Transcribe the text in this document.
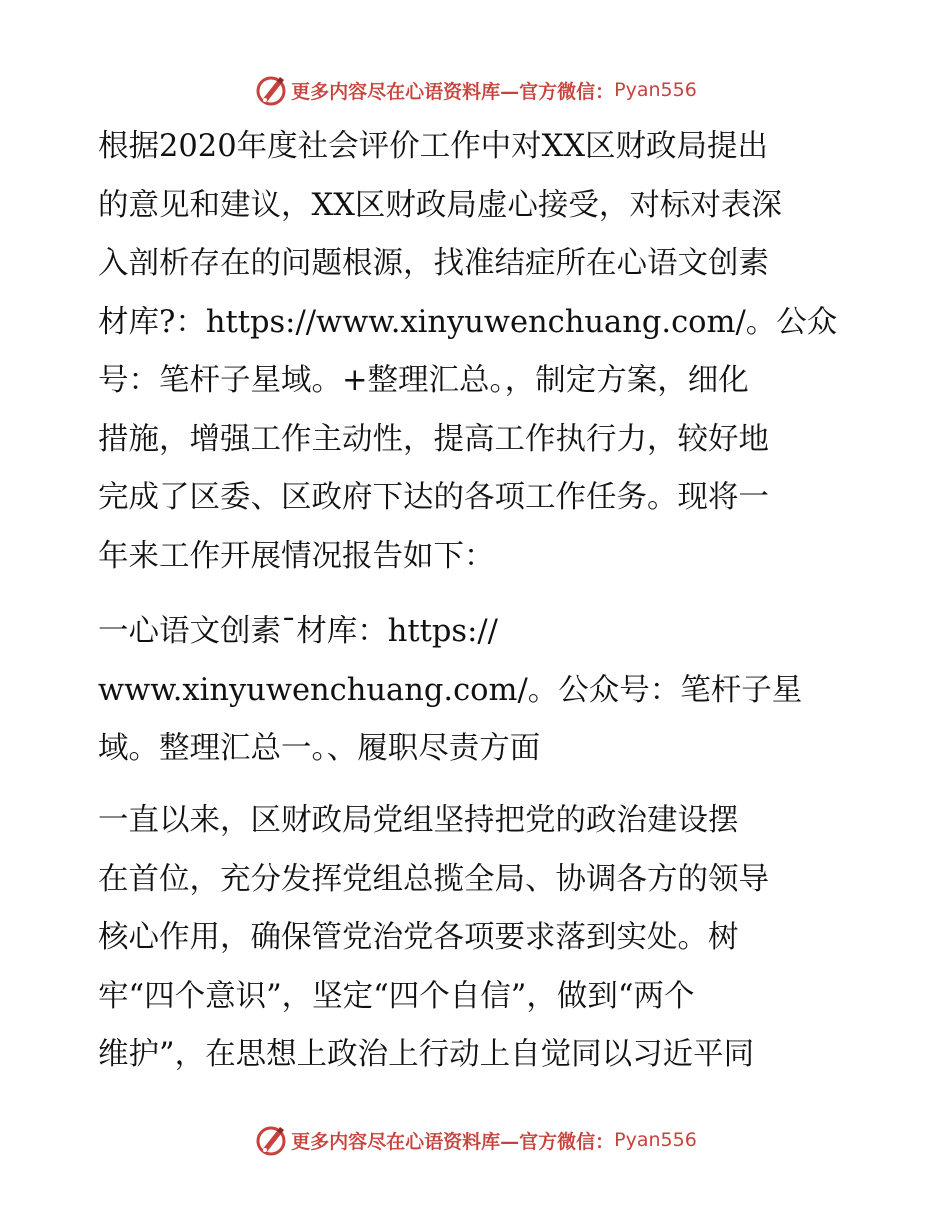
更多内容尽在心语资料库—官方微信： Pyan556
根据2020年度社会评价工作中对XX区财政局提出
的意见和建议，XX区财政局虚心接受，对标对表深
入剖析存在的问题根源，找准结症所在心语文创素
材库?：https://www.xinyuwenchuang.com/。公众
号：笔杆子星域。+整理汇总。，制定方案，细化
措施，增强工作主动性，提高工作执行力，较好地
完成了区委、区政府下达的各项工作任务。现将一
年来工作开展情况报告如下：
一心语文创素¯材库：https://
www.xinyuwenchuang.com/。公众号：笔杆子星
域。整理汇总一。、履职尽责方面
一直以来，区财政局党组坚持把党的政治建设摆
在首位，充分发挥党组总揽全局、协调各方的领导
核心作用，确保管党治党各项要求落到实处。树
牢“四个意识”，坚定“四个自信”，做到“两个
维护”，在思想上政治上行动上自觉同以习近平同
更多内容尽在心语资料库—官方微信： Pyan556
